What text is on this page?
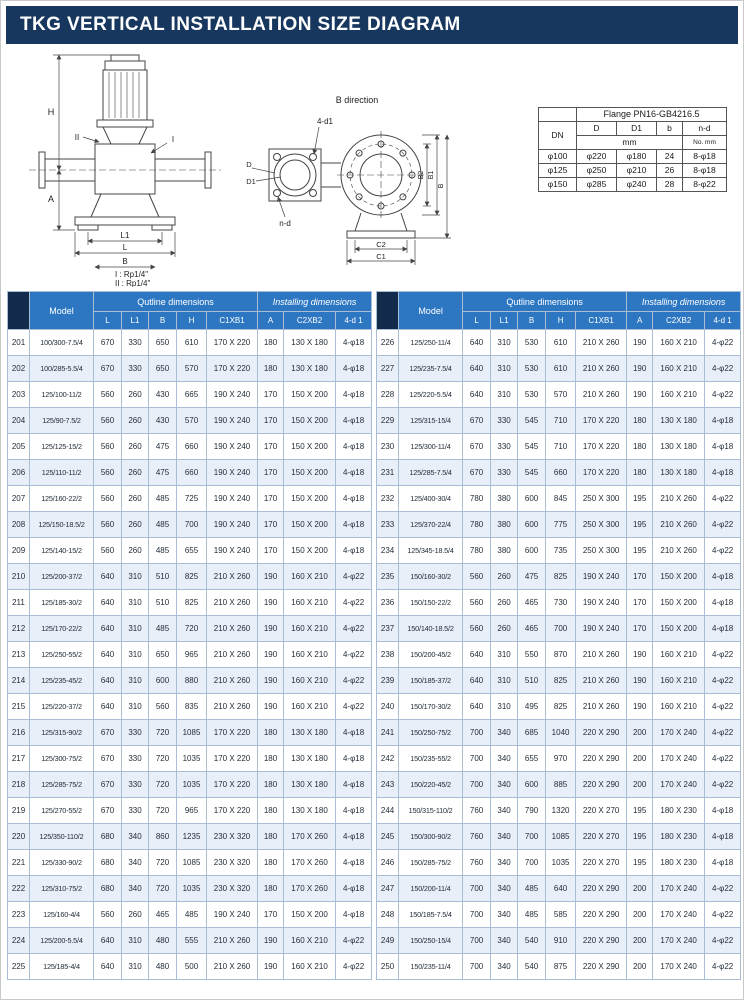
TKG VERTICAL INSTALLATION SIZE DIAGRAM
H
A
L1
L
B
II	I
I : Rp1/4"
II : Rp1/4"
B direction
4-d1
D
D1
n-d
C2
C1
B2 B1
B
	Flange PN16-GB4216.5			
DN	D	D1	b	n-d
	mm			No. mm
φ100	φ220	φ180	24	8-φ18
φ125	φ250	φ210	26	8-φ18
φ150	φ285	φ240	28	8-φ22
	Model	Qutline dimensions					Installing dimensions		
		L	L1	B	H	C1XB1	A	C2XB2	4-d 1
201	100/300-7.5/4	670	330	650	610	170 X 220	180	130 X 180	4-φ18
202	100/285-5.5/4	670	330	650	570	170 X 220	180	130 X 180	4-φ18
203	125/100-11/2	560	260	430	665	190 X 240	170	150 X 200	4-φ18
204	125/90-7.5/2	560	260	430	570	190 X 240	170	150 X 200	4-φ18
205	125/125-15/2	560	260	475	660	190 X 240	170	150 X 200	4-φ18
206	125/110-11/2	560	260	475	660	190 X 240	170	150 X 200	4-φ18
207	125/160-22/2	560	260	485	725	190 X 240	170	150 X 200	4-φ18
208	125/150-18.5/2	560	260	485	700	190 X 240	170	150 X 200	4-φ18
209	125/140-15/2	560	260	485	655	190 X 240	170	150 X 200	4-φ18
210	125/200-37/2	640	310	510	825	210 X 260	190	160 X 210	4-φ22
211	125/185-30/2	640	310	510	825	210 X 260	190	160 X 210	4-φ22
212	125/170-22/2	640	310	485	720	210 X 260	190	160 X 210	4-φ22
213	125/250-55/2	640	310	650	965	210 X 260	190	160 X 210	4-φ22
214	125/235-45/2	640	310	600	880	210 X 260	190	160 X 210	4-φ22
215	125/220-37/2	640	310	560	835	210 X 260	190	160 X 210	4-φ22
216	125/315-90/2	670	330	720	1085	170 X 220	180	130 X 180	4-φ18
217	125/300-75/2	670	330	720	1035	170 X 220	180	130 X 180	4-φ18
218	125/285-75/2	670	330	720	1035	170 X 220	180	130 X 180	4-φ18
219	125/270-55/2	670	330	720	965	170 X 220	180	130 X 180	4-φ18
220	125/350-110/2	680	340	860	1235	230 X 320	180	170 X 260	4-φ18
221	125/330-90/2	680	340	720	1085	230 X 320	180	170 X 260	4-φ18
222	125/310-75/2	680	340	720	1035	230 X 320	180	170 X 260	4-φ18
223	125/160-4/4	560	260	465	485	190 X 240	170	150 X 200	4-φ18
224	125/200-5.5/4	640	310	480	555	210 X 260	190	160 X 210	4-φ22
225	125/185-4/4	640	310	480	500	210 X 260	190	160 X 210	4-φ22
	Model	Qutline dimensions					Installing dimensions		
		L	L1	B	H	C1XB1	A	C2XB2	4-d 1
226	125/250-11/4	640	310	530	610	210 X 260	190	160 X 210	4-φ22
227	125/235-7.5/4	640	310	530	610	210 X 260	190	160 X 210	4-φ22
228	125/220-5.5/4	640	310	530	570	210 X 260	190	160 X 210	4-φ22
229	125/315-15/4	670	330	545	710	170 X 220	180	130 X 180	4-φ18
230	125/300-11/4	670	330	545	710	170 X 220	180	130 X 180	4-φ18
231	125/285-7.5/4	670	330	545	660	170 X 220	180	130 X 180	4-φ18
232	125/400-30/4	780	380	600	845	250 X 300	195	210 X 260	4-φ22
233	125/370-22/4	780	380	600	775	250 X 300	195	210 X 260	4-φ22
234	125/345-18.5/4	780	380	600	735	250 X 300	195	210 X 260	4-φ22
235	150/160-30/2	560	260	475	825	190 X 240	170	150 X 200	4-φ18
236	150/150-22/2	560	260	465	730	190 X 240	170	150 X 200	4-φ18
237	150/140-18.5/2	560	260	465	700	190 X 240	170	150 X 200	4-φ18
238	150/200-45/2	640	310	550	870	210 X 260	190	160 X 210	4-φ22
239	150/185-37/2	640	310	510	825	210 X 260	190	160 X 210	4-φ22
240	150/170-30/2	640	310	495	825	210 X 260	190	160 X 210	4-φ22
241	150/250-75/2	700	340	685	1040	220 X 290	200	170 X 240	4-φ22
242	150/235-55/2	700	340	655	970	220 X 290	200	170 X 240	4-φ22
243	150/220-45/2	700	340	600	885	220 X 290	200	170 X 240	4-φ22
244	150/315-110/2	760	340	790	1320	220 X 270	195	180 X 230	4-φ18
245	150/300-90/2	760	340	700	1085	220 X 270	195	180 X 230	4-φ18
246	150/285-75/2	760	340	700	1035	220 X 270	195	180 X 230	4-φ18
247	150/200-11/4	700	340	485	640	220 X 290	200	170 X 240	4-φ22
248	150/185-7.5/4	700	340	485	585	220 X 290	200	170 X 240	4-φ22
249	150/250-15/4	700	340	540	910	220 X 290	200	170 X 240	4-φ22
250	150/235-11/4	700	340	540	875	220 X 290	200	170 X 240	4-φ22
